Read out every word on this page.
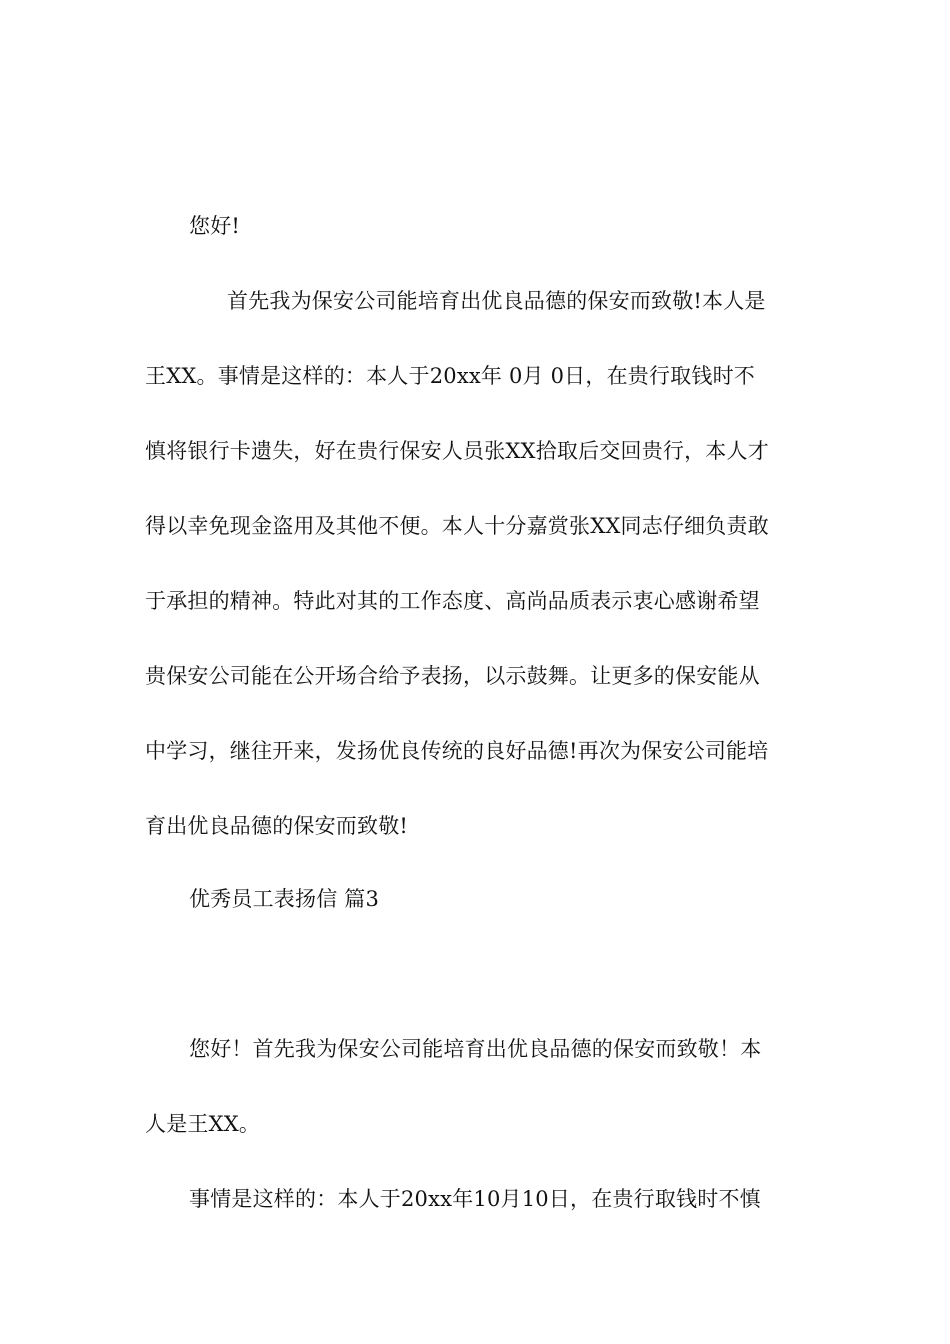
您好!
首先我为保安公司能培育出优良品德的保安而致敬!本人是
王XX。事情是这样的：本人于20xx年 0月 0日，在贵行取钱时不
慎将银行卡遗失，好在贵行保安人员张XX拾取后交回贵行，本人才
得以幸免现金盗用及其他不便。本人十分嘉赏张XX同志仔细负责敢
于承担的精神。特此对其的工作态度、高尚品质表示衷心感谢希望
贵保安公司能在公开场合给予表扬，以示鼓舞。让更多的保安能从
中学习，继往开来，发扬优良传统的良好品德!再次为保安公司能培
育出优良品德的保安而致敬!
优秀员工表扬信 篇3
您好！首先我为保安公司能培育出优良品德的保安而致敬！本
人是王XX。
事情是这样的：本人于20xx年10月10日，在贵行取钱时不慎
